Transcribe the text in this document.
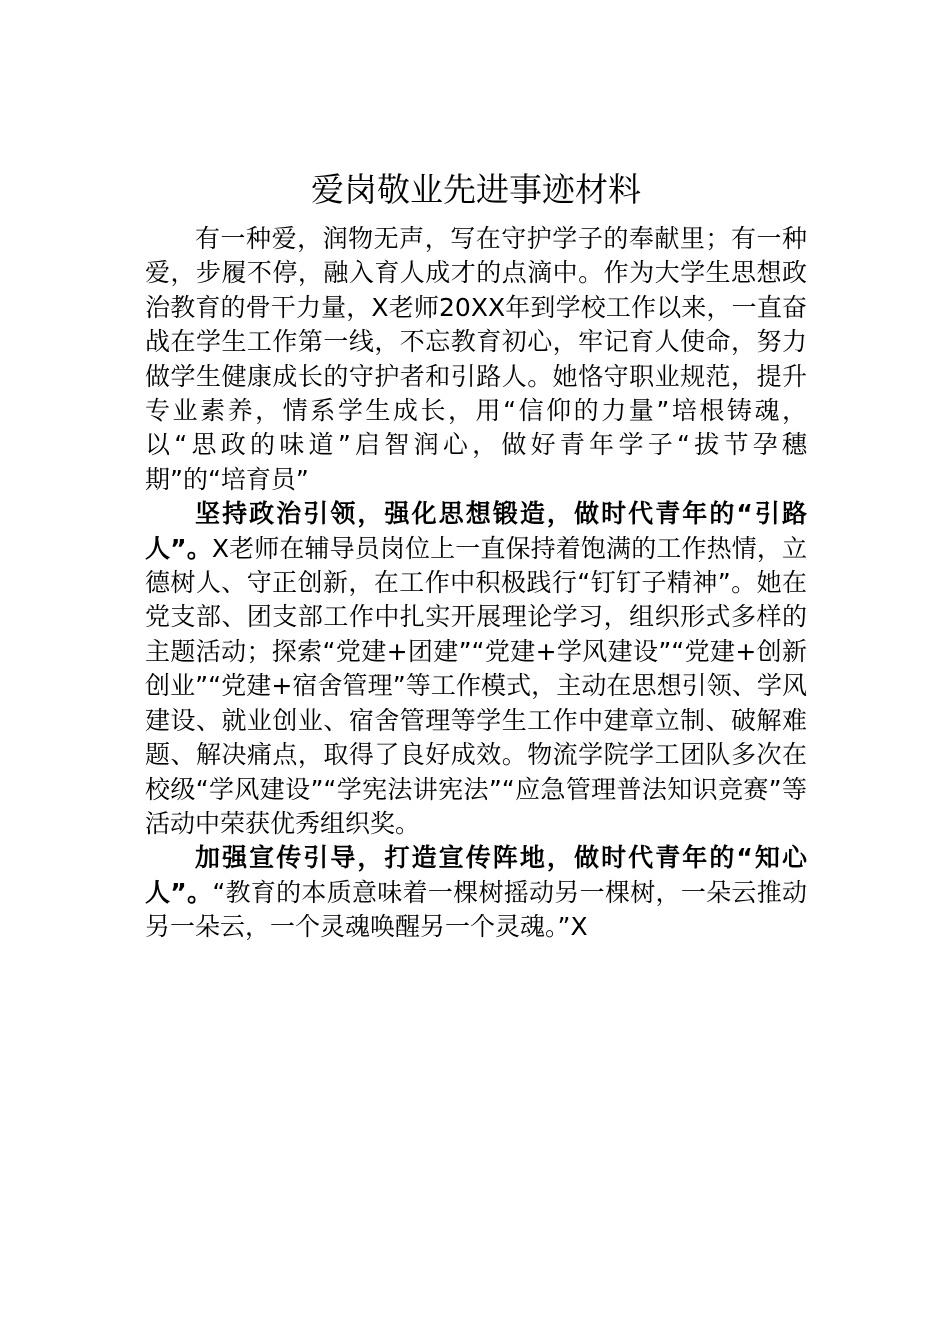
爱岗敬业先进事迹材料

有一种爱，润物无声，写在守护学子的奉献里；有一种爱，步履不停，融入育人成才的点滴中。作为大学生思想政治教育的骨干力量，X老师20XX年到学校工作以来，一直奋战在学生工作第一线，不忘教育初心，牢记育人使命，努力做学生健康成长的守护者和引路人。她恪守职业规范，提升专业素养，情系学生成长，用“信仰的力量”培根铸魂，以“思政的味道”启智润心，做好青年学子“拔节孕穗期”的“培育员”

坚持政治引领，强化思想锻造，做时代青年的“引路人”。X老师在辅导员岗位上一直保持着饱满的工作热情，立德树人、守正创新，在工作中积极践行“钉钉子精神”。她在党支部、团支部工作中扎实开展理论学习，组织形式多样的主题活动；探索“党建+团建”“党建+学风建设”“党建+创新创业”“党建+宿舍管理”等工作模式，主动在思想引领、学风建设、就业创业、宿舍管理等学生工作中建章立制、破解难题、解决痛点，取得了良好成效。物流学院学工团队多次在校级“学风建设”“学宪法讲宪法”“应急管理普法知识竞赛”等活动中荣获优秀组织奖。

加强宣传引导，打造宣传阵地，做时代青年的“知心人”。“教育的本质意味着一棵树摇动另一棵树，一朵云推动另一朵云，一个灵魂唤醒另一个灵魂。”X
